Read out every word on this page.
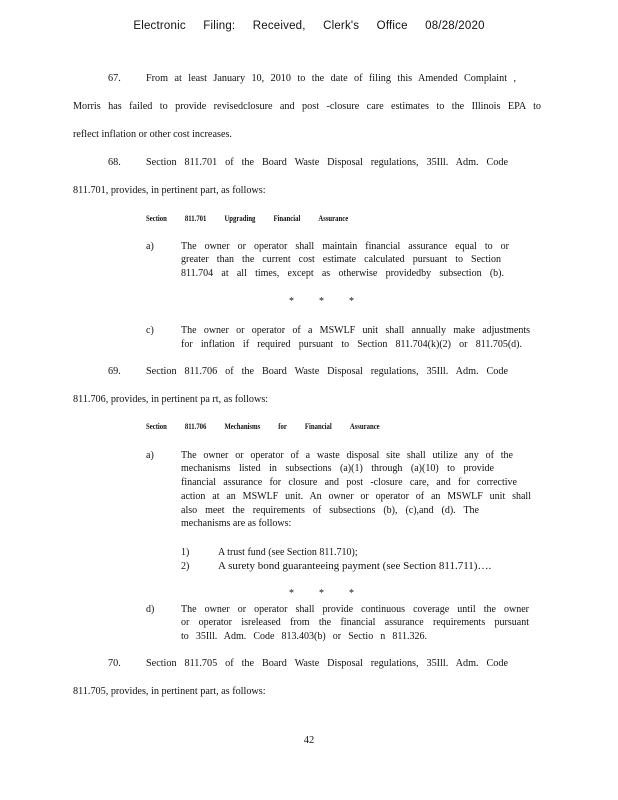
Electronic Filing: Received, Clerk's Office 08/28/2020
67. From at least January 10, 2010 to the date of filing this Amended Complaint ,
Morris has failed to provide revisedclosure and post -closure care estimates to the Illinois EPA to
reflect inflation or other cost increases.
68. Section 811.701 of the Board Waste Disposal regulations, 35Ill. Adm. Code
811.701, provides, in pertinent part, as follows:
Section 811.701 Upgrading Financial Assurance
a)	The owner or operator shall maintain financial assurance equal to or
greater than the current cost estimate calculated pursuant to Section
811.704 at all times, except as otherwise providedby subsection (b).
*          *          *
c)	The owner or operator of a MSWLF unit shall annually make adjustments
for inflation if required pursuant to Section 811.704(k)(2) or 811.705(d).
69. Section 811.706 of the Board Waste Disposal regulations, 35Ill. Adm. Code
811.706, provides, in pertinent pa rt, as follows:
Section 811.706 Mechanisms for Financial Assurance
a)	The owner or operator of a waste disposal site shall utilize any of the
mechanisms listed in subsections (a)(1) through (a)(10) to provide
financial assurance for closure and post -closure care, and for corrective
action at an MSWLF unit. An owner or operator of an MSWLF unit shall
also meet the requirements of subsections (b), (c),and (d). The
mechanisms are as follows:
1)	A trust fund (see Section 811.710);
2)	A surety bond guaranteeing payment (see Section 811.711)….
*          *          *
d)	The owner or operator shall provide continuous coverage until the owner
or operator isreleased from the financial assurance requirements pursuant
to 35Ill. Adm. Code 813.403(b) or Sectio n 811.326.
70. Section 811.705 of the Board Waste Disposal regulations, 35Ill. Adm. Code
811.705, provides, in pertinent part, as follows:
42
